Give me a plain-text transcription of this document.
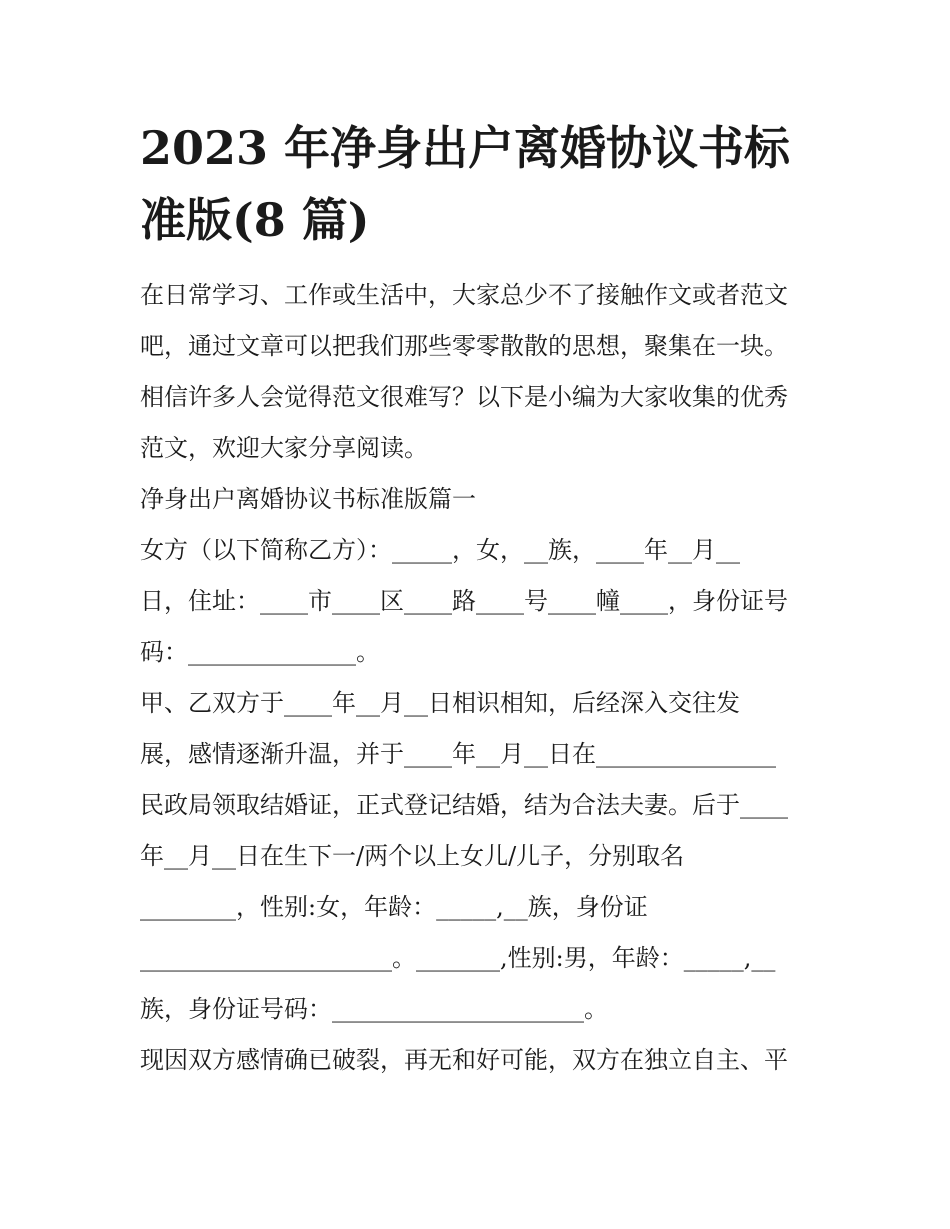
2023 年净身出户离婚协议书标
准版(8 篇)
在日常学习、工作或生活中，大家总少不了接触作文或者范文
吧，通过文章可以把我们那些零零散散的思想，聚集在一块。
相信许多人会觉得范文很难写？以下是小编为大家收集的优秀
范文，欢迎大家分享阅读。
净身出户离婚协议书标准版篇一
女方（以下简称乙方）：_____，女，__族，____年__月__
日，住址：____市____区____路____号____幢____，身份证号
码：______________。
甲、乙双方于____年__月__日相识相知，后经深入交往发
展，感情逐渐升温，并于____年__月__日在_______________
民政局领取结婚证，正式登记结婚，结为合法夫妻。后于____
年__月__日在生下一/两个以上女儿/儿子，分别取名
________，性别:女，年龄：_____,__族，身份证
_____________________。_______,性别:男，年龄：_____,__
族，身份证号码：_____________________。
现因双方感情确已破裂，再无和好可能，双方在独立自主、平
